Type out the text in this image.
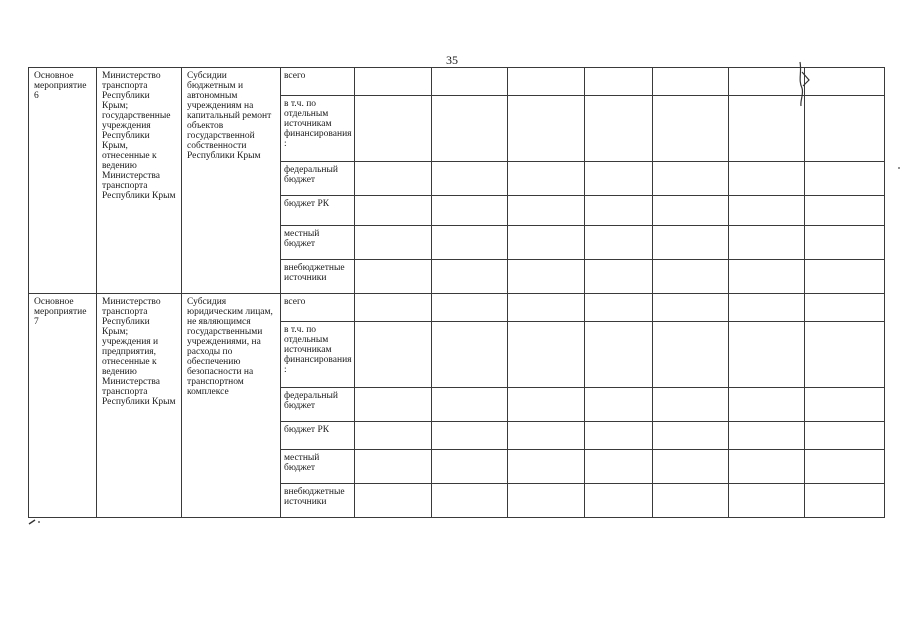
35
Основное мероприятие 6	Министерство транспорта Республики Крым; государственные учреждения Республики Крым, отнесенные к ведению Министерства транспорта Республики Крым	Субсидии бюджетным и автономным учреждениям на капитальный ремонт объектов государственной собственности Республики Крым	всего							

			в т.ч. по отдельным источникам финансирования:							

			федеральный бюджет							

			бюджет РК							

			местный бюджет							

			внебюджетные источники							

Основное мероприятие 7	Министерство транспорта Республики Крым; учреждения и предприятия, отнесенные к ведению Министерства транспорта Республики Крым	Субсидия юридическим лицам, не являющимся государственными учреждениями, на расходы по обеспечению безопасности на транспортном комплексе	всего							

			в т.ч. по отдельным источникам финансирования:							

			федеральный бюджет							

			бюджет РК							

			местный бюджет							

			внебюджетные источники							
